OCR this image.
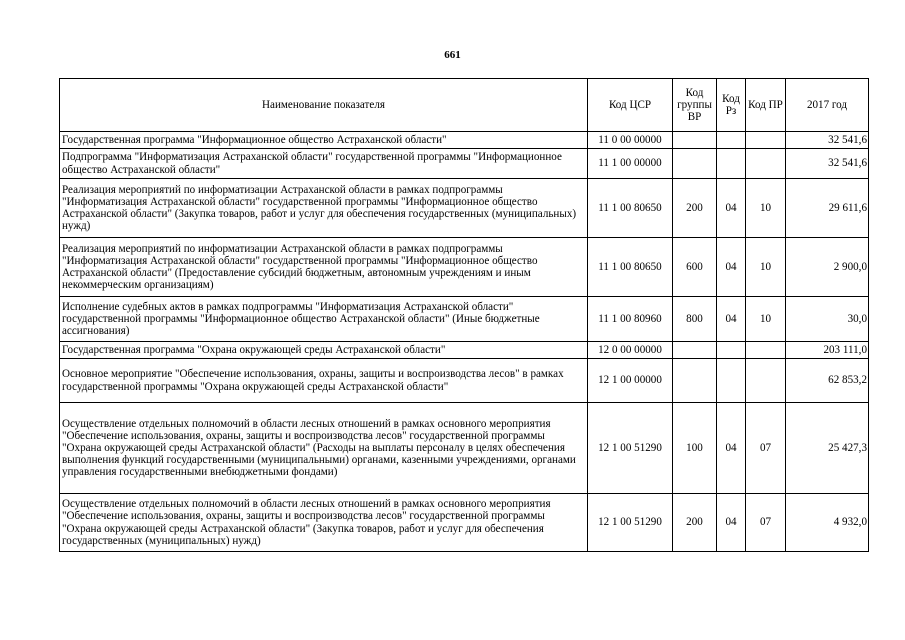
661
Наименование показателя	Код ЦСР	Код группы ВР	Код Рз	Код ПР	2017 год
Государственная программа "Информационное общество Астраханской области"	11 0 00 00000				32 541,6
Подпрограмма "Информатизация Астраханской области" государственной программы "Информационное общество Астраханской области"	11 1 00 00000				32 541,6
Реализация мероприятий по информатизации Астраханской области в рамках подпрограммы "Информатизация Астраханской области" государственной программы "Информационное общество Астраханской области" (Закупка товаров, работ и услуг для обеспечения государственных (муниципальных) нужд)	11 1 00 80650	200	04	10	29 611,6
Реализация мероприятий по информатизации Астраханской области в рамках подпрограммы "Информатизация Астраханской области" государственной программы "Информационное общество Астраханской области" (Предоставление субсидий бюджетным, автономным учреждениям и иным некоммерческим организациям)	11 1 00 80650	600	04	10	2 900,0
Исполнение судебных актов в рамках подпрограммы "Информатизация Астраханской области" государственной программы "Информационное общество Астраханской области" (Иные бюджетные ассигнования)	11 1 00 80960	800	04	10	30,0
Государственная программа "Охрана окружающей среды Астраханской области"	12 0 00 00000				203 111,0
Основное мероприятие "Обеспечение использования, охраны, защиты и воспроизводства лесов" в рамках государственной программы "Охрана окружающей среды Астраханской области"	12 1 00 00000				62 853,2
Осуществление отдельных полномочий в области лесных отношений в рамках основного мероприятия "Обеспечение использования, охраны, защиты и воспроизводства лесов" государственной программы "Охрана окружающей среды Астраханской области" (Расходы на выплаты персоналу в целях обеспечения выполнения функций государственными (муниципальными) органами, казенными учреждениями, органами управления государственными внебюджетными фондами)	12 1 00 51290	100	04	07	25 427,3
Осуществление отдельных полномочий в области лесных отношений в рамках основного мероприятия "Обеспечение использования, охраны, защиты и воспроизводства лесов" государственной программы "Охрана окружающей среды Астраханской области" (Закупка товаров, работ и услуг для обеспечения государственных (муниципальных) нужд)	12 1 00 51290	200	04	07	4 932,0
